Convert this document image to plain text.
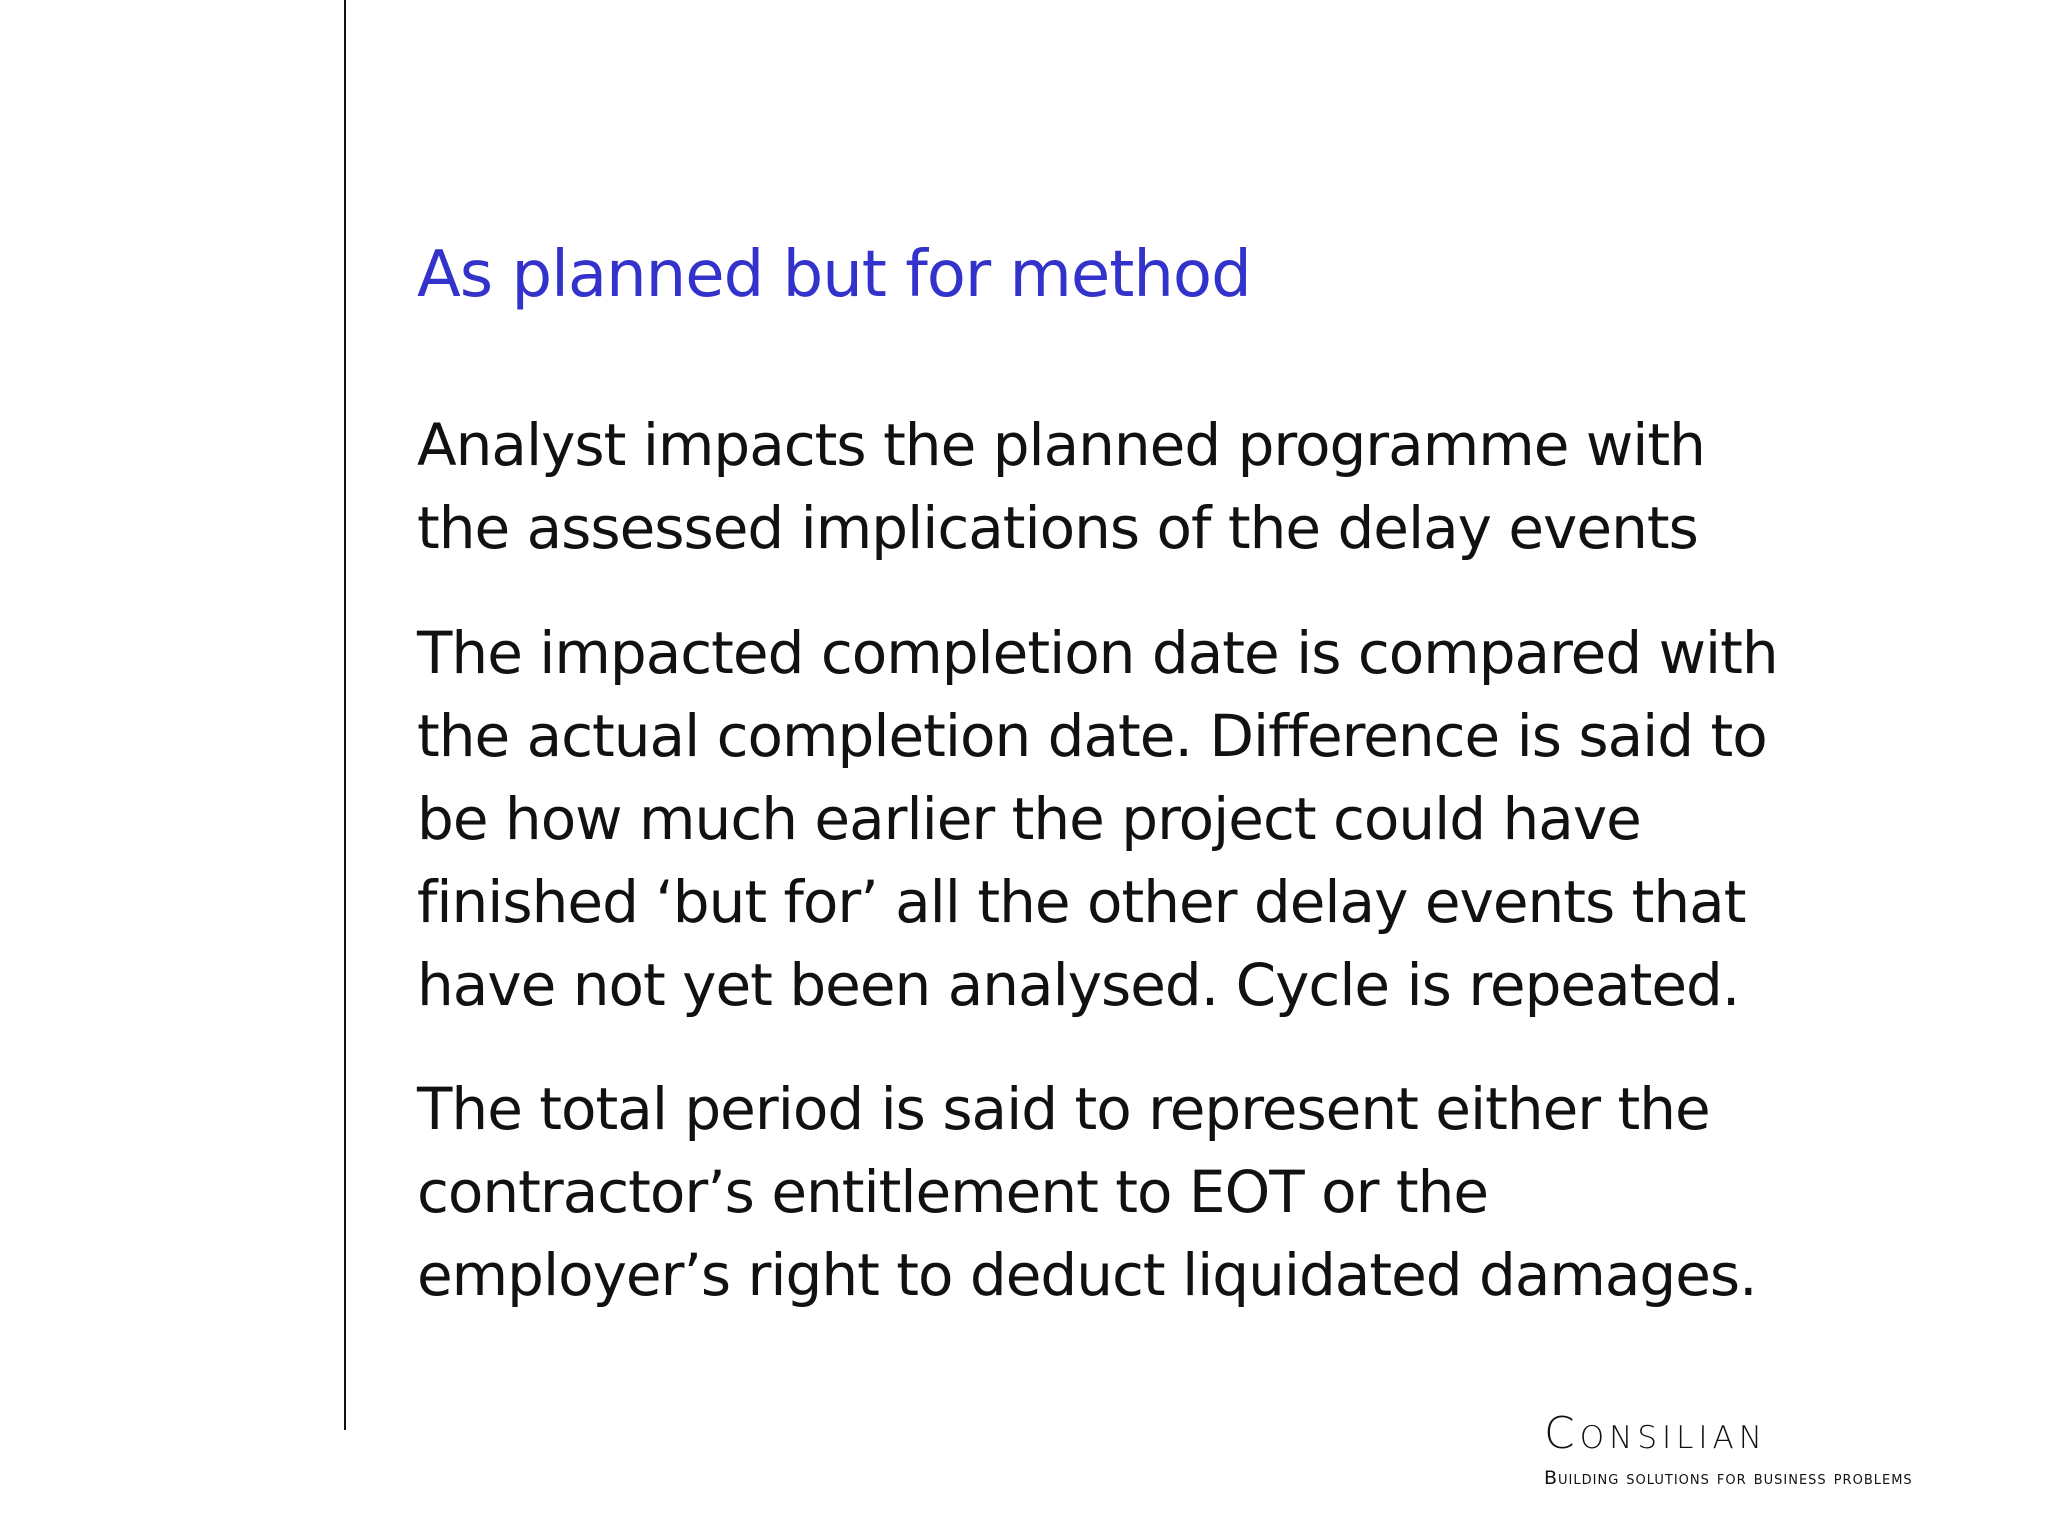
As planned but for method
Analyst impacts the planned programme with
the assessed implications of the delay events
The impacted completion date is compared with
the actual completion date. Difference is said to
be how much earlier the project could have
finished ‘but for’ all the other delay events that
have not yet been analysed. Cycle is repeated.
The total period is said to represent either the
contractor’s entitlement to EOT or the
employer’s right to deduct liquidated damages.
Consilian
Building solutions for business problems
